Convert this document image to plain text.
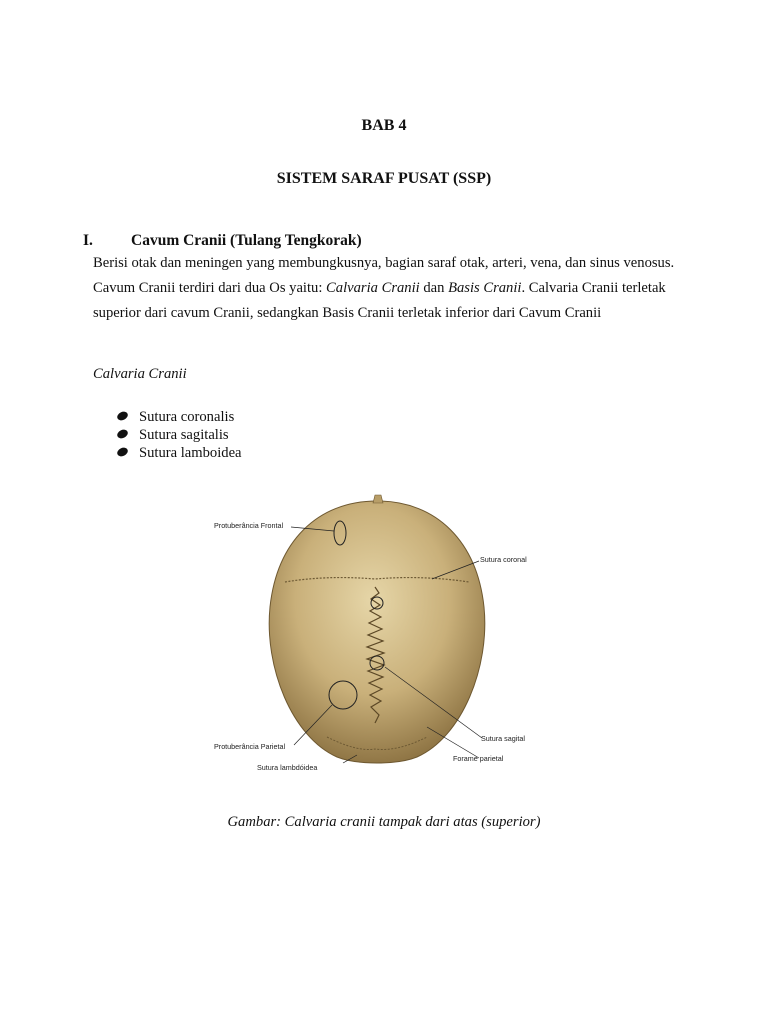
BAB 4
SISTEM SARAF PUSAT (SSP)
I. Cavum Cranii (Tulang Tengkorak)
Berisi otak dan meningen yang membungkusnya, bagian saraf otak, arteri, vena, dan sinus venosus. Cavum Cranii terdiri dari dua Os yaitu: Calvaria Cranii dan Basis Cranii. Calvaria Cranii terletak superior dari cavum Cranii, sedangkan Basis Cranii terletak inferior dari Cavum Cranii
Calvaria Cranii
Sutura coronalis
Sutura sagitalis
Sutura lamboidea
Protuberância Frontal
Sutura coronal
Protuberância Parietal
Sutura sagital
Sutura lambdóidea
Forame parietal
Gambar: Calvaria cranii tampak dari atas (superior)
